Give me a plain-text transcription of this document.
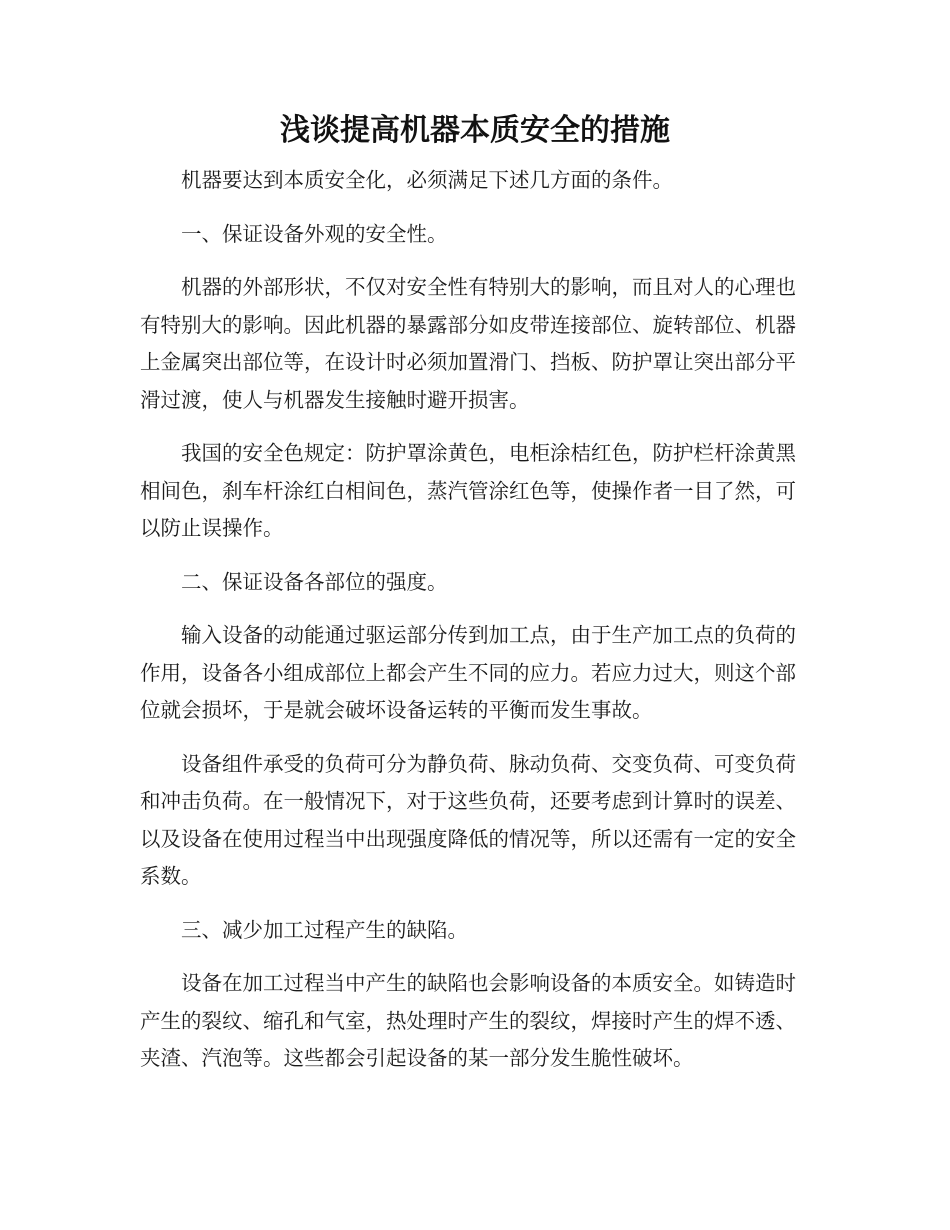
浅谈提高机器本质安全的措施

机器要达到本质安全化，必须满足下述几方面的条件。

一、保证设备外观的安全性。

机器的外部形状，不仅对安全性有特别大的影响，而且对人的心理也有特别大的影响。因此机器的暴露部分如皮带连接部位、旋转部位、机器上金属突出部位等，在设计时必须加置滑门、挡板、防护罩让突出部分平滑过渡，使人与机器发生接触时避开损害。

我国的安全色规定：防护罩涂黄色，电柜涂桔红色，防护栏杆涂黄黑相间色，刹车杆涂红白相间色，蒸汽管涂红色等，使操作者一目了然，可以防止误操作。

二、保证设备各部位的强度。

输入设备的动能通过驱运部分传到加工点，由于生产加工点的负荷的作用，设备各小组成部位上都会产生不同的应力。若应力过大，则这个部位就会损坏，于是就会破坏设备运转的平衡而发生事故。

设备组件承受的负荷可分为静负荷、脉动负荷、交变负荷、可变负荷和冲击负荷。在一般情况下，对于这些负荷，还要考虑到计算时的误差、以及设备在使用过程当中出现强度降低的情况等，所以还需有一定的安全系数。

三、减少加工过程产生的缺陷。

设备在加工过程当中产生的缺陷也会影响设备的本质安全。如铸造时产生的裂纹、缩孔和气室，热处理时产生的裂纹，焊接时产生的焊不透、夹渣、汽泡等。这些都会引起设备的某一部分发生脆性破坏。
